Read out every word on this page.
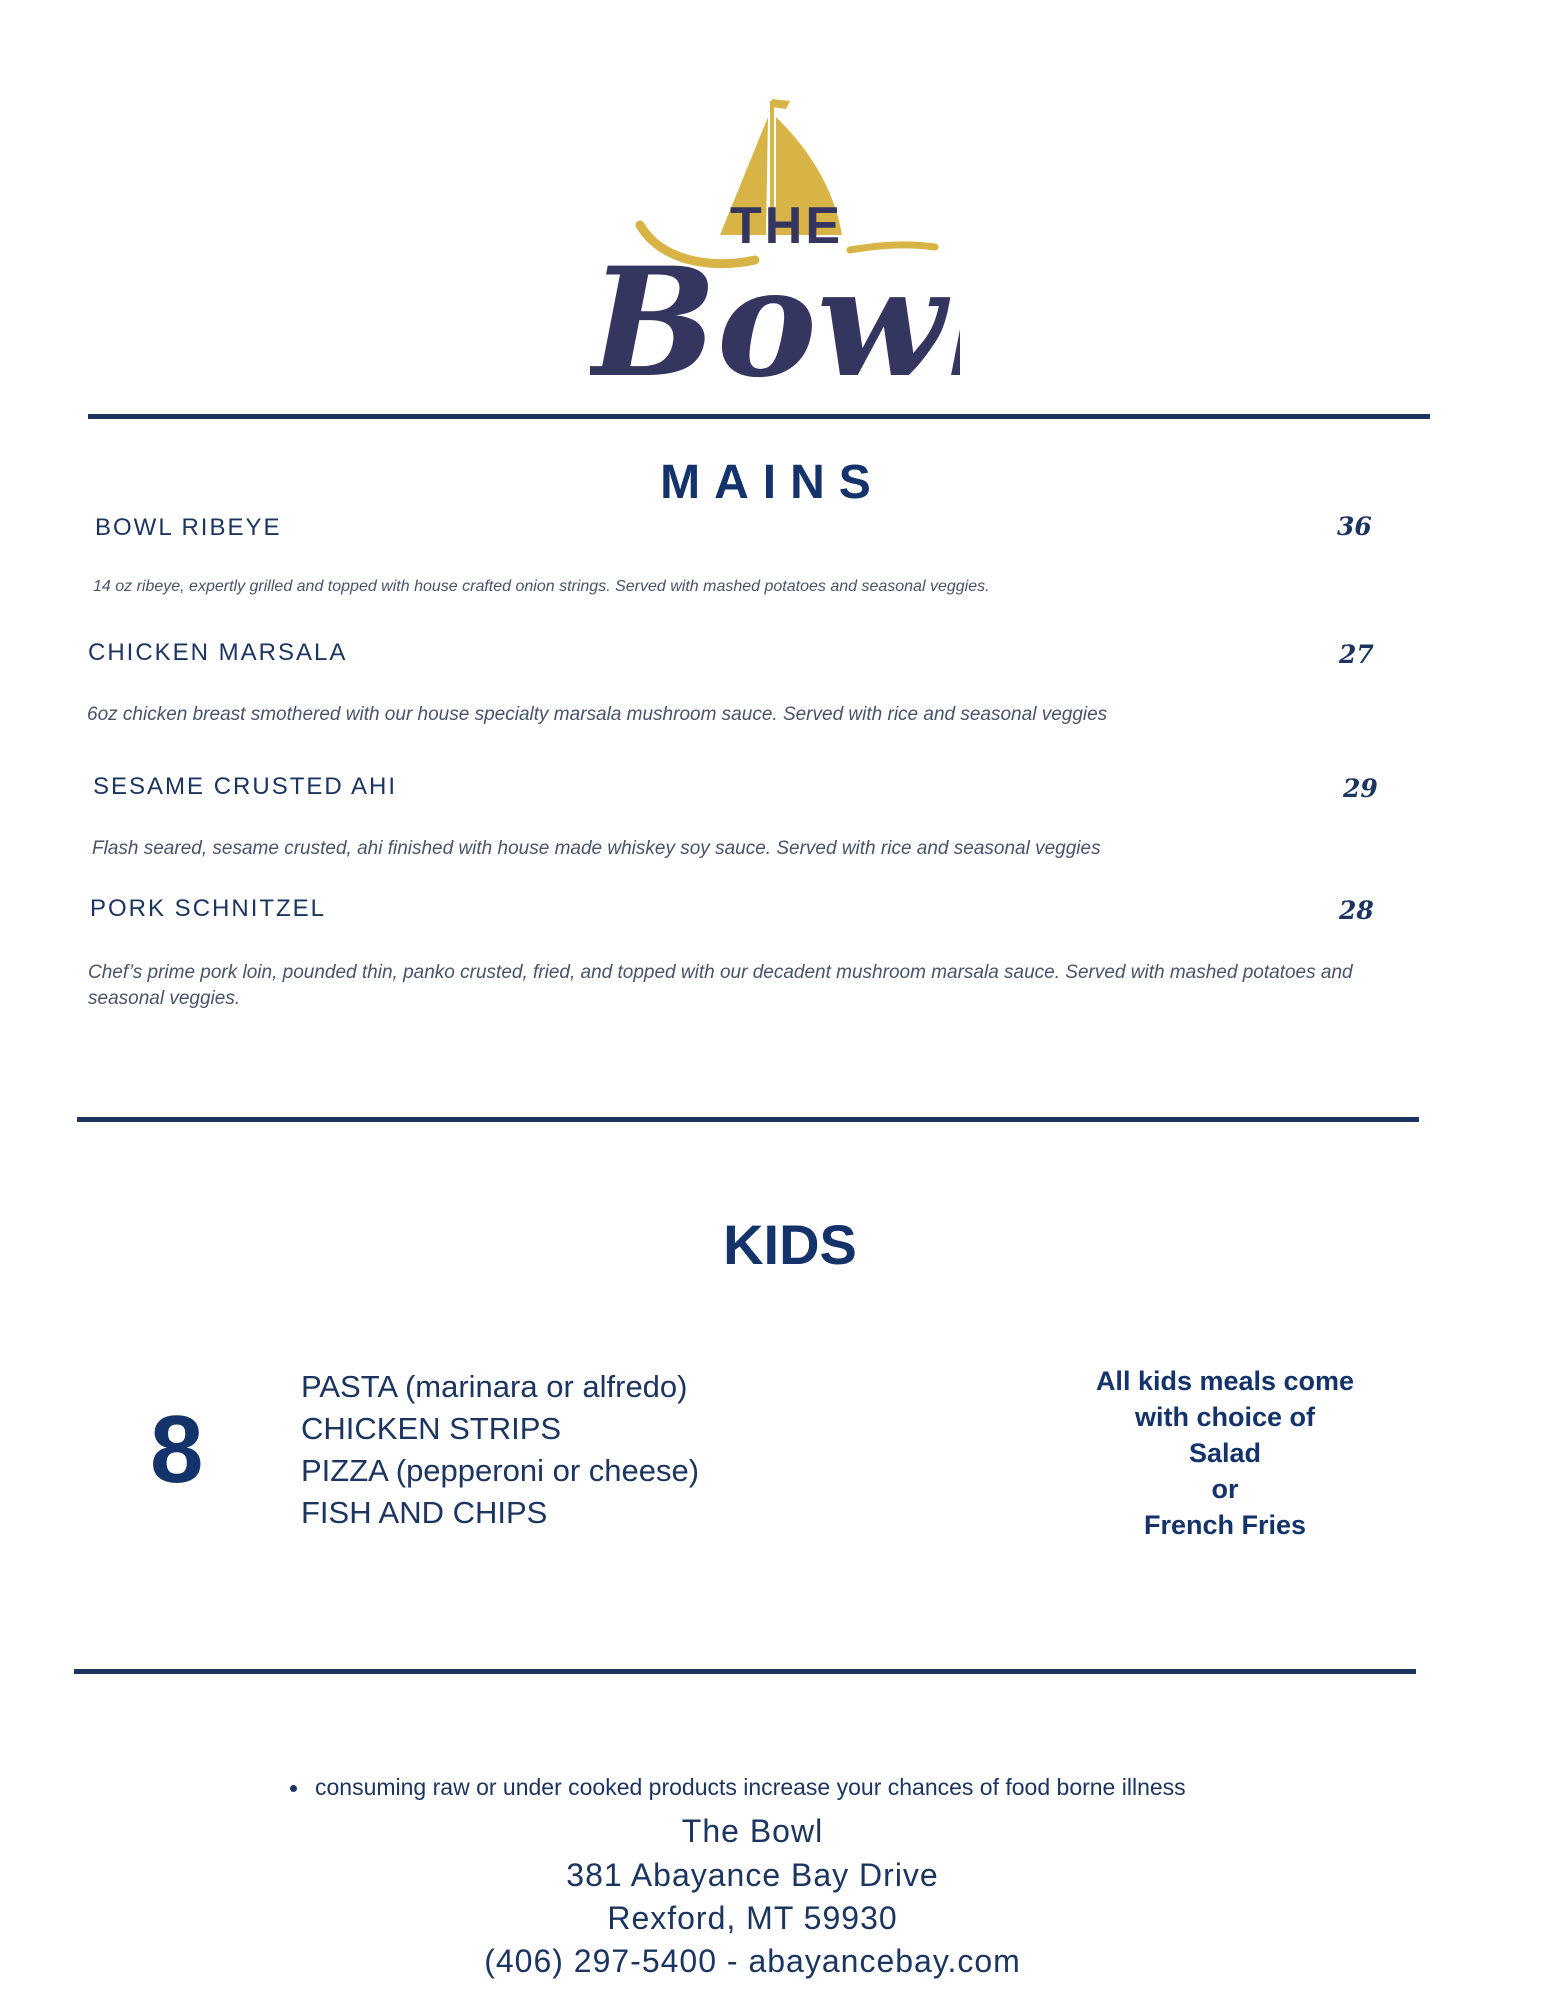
THE
Bow
MAINS
BOWL RIBEYE	36
14 oz ribeye, expertly grilled and topped with house crafted onion strings. Served with mashed potatoes and seasonal veggies.
CHICKEN MARSALA	27
6oz chicken breast smothered with our house specialty marsala mushroom sauce. Served with rice and seasonal veggies
SESAME CRUSTED AHI	29
Flash seared, sesame crusted, ahi finished with house made whiskey soy sauce. Served with rice and seasonal veggies
PORK SCHNITZEL	28
Chef’s prime pork loin, pounded thin, panko crusted, fried, and topped with our decadent mushroom marsala sauce. Served with mashed potatoes and seasonal veggies.
KIDS
8
PASTA (marinara or alfredo)
CHICKEN STRIPS
PIZZA (pepperoni or cheese)
FISH AND CHIPS
All kids meals come
with choice of
Salad
or
French Fries
consuming raw or under cooked products increase your chances of food borne illness
The Bowl
381 Abayance Bay Drive
Rexford, MT 59930
(406) 297-5400 - abayancebay.com
